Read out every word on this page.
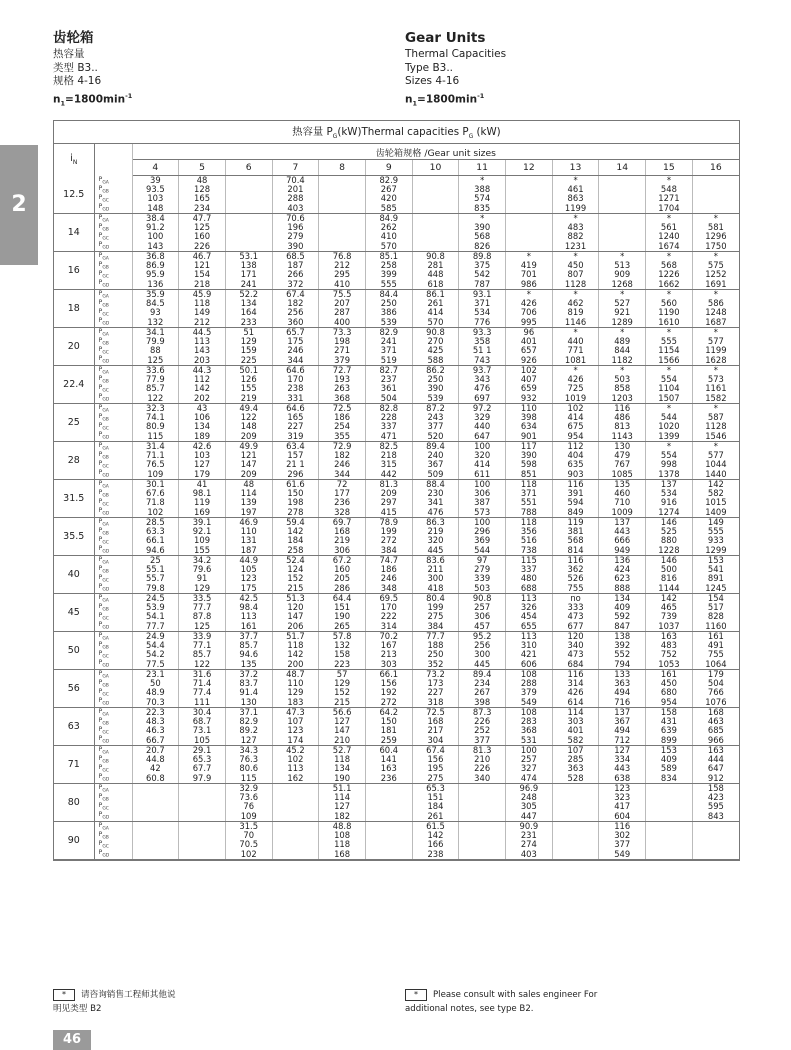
齿轮箱
热容量
类型 B3..
规格 4-16
$n_1=1800\min^{-1}$
Gear Units
Thermal Capacities
Type B3..
Sizes 4-16
$n_1=1800\min^{-1}$
2
热容量 $P_G(kW)Thermal$ capacities $P_G$ (kW)														
$i_N$		齿轮箱规格 /Gear unit sizes												
		4	5	6	7	8	9	10	11	12	13	14	15	16
12.5	$P_{GA}$	39	48		70.4		82.9		*		*		*	
	$P_{GB}$	93.5	128		201		267		388		461		548	
	$P_{GC}$	103	165		288		420		574		863		1271	
	$P_{GD}$	148	234		403		585		835		1199		1704	
14	$P_{GA}$	38.4	47.7		70.6		84.9		*		*		*	*
	$P_{GB}$	91.2	125		196		262		390		483		561	581
	$P_{GC}$	100	160		279		410		568		882		1240	1296
	$P_{GD}$	143	226		390		570		826		1231		1674	1750
16	$P_{GA}$	36.8	46.7	53.1	68.5	76.8	85.1	90.8	89.8	*	*	*	*	*
	$P_{GB}$	86.9	121	138	187	212	258	281	375	419	450	513	568	575
	$P_{GC}$	95.9	154	171	266	295	399	448	542	701	807	909	1226	1252
	$P_{GD}$	136	218	241	372	410	555	618	787	986	1128	1268	1662	1691
18	$P_{GA}$	35.9	45.9	52.2	67.4	75.5	84.4	86.1	93.1	*	*	*	*	*
	$P_{GB}$	84.5	118	134	182	207	250	261	371	426	462	527	560	586
	$P_{GC}$	93	149	164	256	287	386	414	534	706	819	921	1190	1248
	$P_{GD}$	132	212	233	360	400	539	570	776	995	1146	1289	1610	1687
20	$P_{GA}$	34.1	44.5	51	65.7	73.3	82.9	90.8	93.3	96	*	*	*	*
	$P_{GB}$	79.9	113	129	175	198	241	270	358	401	440	489	555	577
	$P_{GC}$	88	143	159	246	271	371	425	51 1	657	771	844	1154	1199
	$P_{GD}$	125	203	225	344	379	519	588	743	926	1081	1182	1566	1628
22.4	$P_{GA}$	33.6	44.3	50.1	64.6	72.7	82.7	86.2	93.7	102	*	*	*	*
	$P_{GB}$	77.9	112	126	170	193	237	250	343	407	426	503	554	573
	$P_{GC}$	85.7	142	155	238	263	361	390	476	659	725	858	1104	1161
	$P_{GD}$	122	202	219	331	368	504	539	697	932	1019	1203	1507	1582
25	$P_{GA}$	32.3	43	49.4	64.6	72.5	82.8	87.2	97.2	110	102	116	*	*
	$P_{GB}$	74.1	106	122	165	186	228	243	329	398	414	486	544	587
	$P_{GC}$	80.9	134	148	227	254	337	377	440	634	675	813	1020	1128
	$P_{GD}$	115	189	209	319	355	471	520	647	901	954	1143	1399	1546
28	$P_{GA}$	31.4	42.6	49.9	63.4	72.9	82.5	89.4	100	117	112	130	*	*
	$P_{GB}$	71.1	103	121	157	182	218	240	320	390	404	479	554	577
	$P_{GC}$	76.5	127	147	21 1	246	315	367	414	598	635	767	998	1044
	$P_{GD}$	109	179	209	296	344	442	509	611	851	903	1085	1378	1440
31.5	$P_{GA}$	30.1	41	48	61.6	72	81.3	88.4	100	118	116	135	137	142
	$P_{GB}$	67.6	98.1	114	150	177	209	230	306	371	391	460	534	582
	$P_{GC}$	71.8	119	139	198	236	297	341	387	551	594	710	916	1015
	$P_{GD}$	102	169	197	278	328	415	476	573	788	849	1009	1274	1409
35.5	$P_{GA}$	28.5	39.1	46.9	59.4	69.7	78.9	86.3	100	118	119	137	146	149
	$P_{GB}$	63.3	92.1	110	142	168	199	219	296	356	381	443	525	555
	$P_{GC}$	66.1	109	131	184	219	272	320	369	516	568	666	880	933
	$P_{GD}$	94.6	155	187	258	306	384	445	544	738	814	949	1228	1299
40	$P_{GA}$	25	34.2	44.9	52.4	67.2	74.7	83.6	97	115	116	136	146	153
	$P_{GB}$	55.1	79.6	105	124	160	186	211	279	337	362	424	500	541
	$P_{GC}$	55.7	91	123	152	205	246	300	339	480	526	623	816	891
	$P_{GD}$	79.8	129	175	215	286	348	418	503	688	755	888	1144	1245
45	$P_{GA}$	24.5	33.5	42.5	51.3	64.4	69.5	80.4	90.8	113	no	134	142	154
	$P_{GB}$	53.9	77.7	98.4	120	151	170	199	257	326	333	409	465	517
	$P_{GC}$	54.1	87.8	113	147	190	222	275	306	454	473	592	739	828
	$P_{GD}$	77.7	125	161	206	265	314	384	457	655	677	847	1037	1160
50	$P_{GA}$	24.9	33.9	37.7	51.7	57.8	70.2	77.7	95.2	113	120	138	163	161
	$P_{GB}$	54.4	77.1	85.7	118	132	167	188	256	310	340	392	483	491
	$P_{GC}$	54.2	85.7	94.6	142	158	213	250	300	421	473	552	752	755
	$P_{GD}$	77.5	122	135	200	223	303	352	445	606	684	794	1053	1064
56	$P_{GA}$	23.1	31.6	37.2	48.7	57	66.1	73.2	89.4	108	116	133	161	179
	$P_{GB}$	50	71.4	83.7	110	129	156	173	234	288	314	363	450	504
	$P_{GC}$	48.9	77.4	91.4	129	152	192	227	267	379	426	494	680	766
	$P_{GD}$	70.3	111	130	183	215	272	318	398	549	614	716	954	1076
63	$P_{GA}$	22.3	30.4	37.1	47.3	56.6	64.2	72.5	87.3	108	114	137	158	168
	$P_{GB}$	48.3	68.7	82.9	107	127	150	168	226	283	303	367	431	463
	$P_{GC}$	46.3	73.1	89.2	123	147	181	217	252	368	401	494	639	685
	$P_{GD}$	66.7	105	127	174	210	259	304	377	531	582	712	899	966
71	$P_{GA}$	20.7	29.1	34.3	45.2	52.7	60.4	67.4	81.3	100	107	127	153	163
	$P_{GB}$	44.8	65.3	76.3	102	118	141	156	210	257	285	334	409	444
	$P_{GC}$	42	67.7	80.6	113	134	163	195	226	327	363	443	589	647
	$P_{GD}$	60.8	97.9	115	162	190	236	275	340	474	528	638	834	912
80	$P_{GA}$			32.9		51.1		65.3		96.9		123		158
	$P_{GB}$			73.6		114		151		248		323		423
	$P_{GC}$			76		127		184		305		417		595
	$P_{GD}$			109		182		261		447		604		843
90	$P_{GA}$			31.5		48.8		61.5		90.9		116		
	$P_{GB}$			70		108		142		231		302		
	$P_{GC}$			70.5		118		166		274		377		
	$P_{GD}$			102		168		238		403		549		
* 请咨询销售工程师其他说
明见类型 B2
* Please consult with sales engineer For
additional notes, see type B2.
46
